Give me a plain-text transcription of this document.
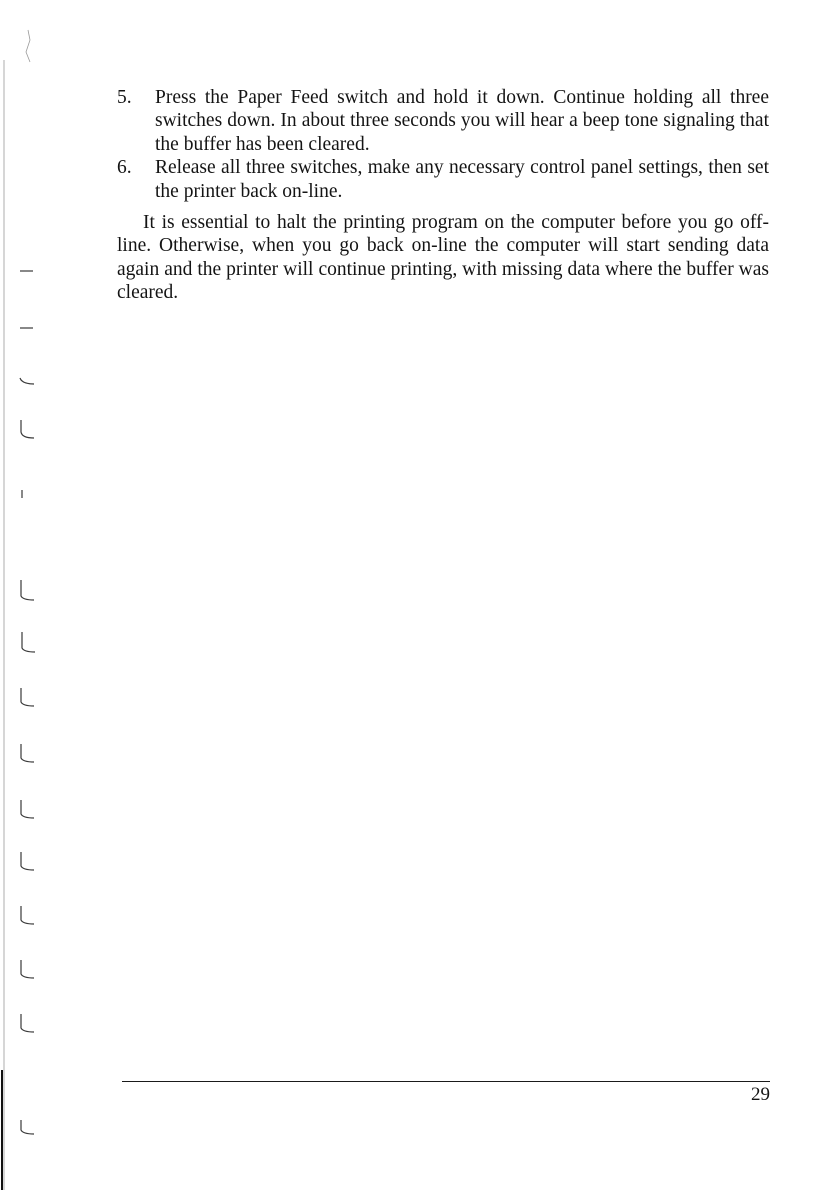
5. Press the Paper Feed switch and hold it down. Continue holding all three switches down. In about three seconds you will hear a beep tone signaling that the buffer has been cleared.
6. Release all three switches, make any necessary control panel settings, then set the printer back on-line.

It is essential to halt the printing program on the computer before you go off-line. Otherwise, when you go back on-line the computer will start sending data again and the printer will continue printing, with missing data where the buffer was cleared.

29
